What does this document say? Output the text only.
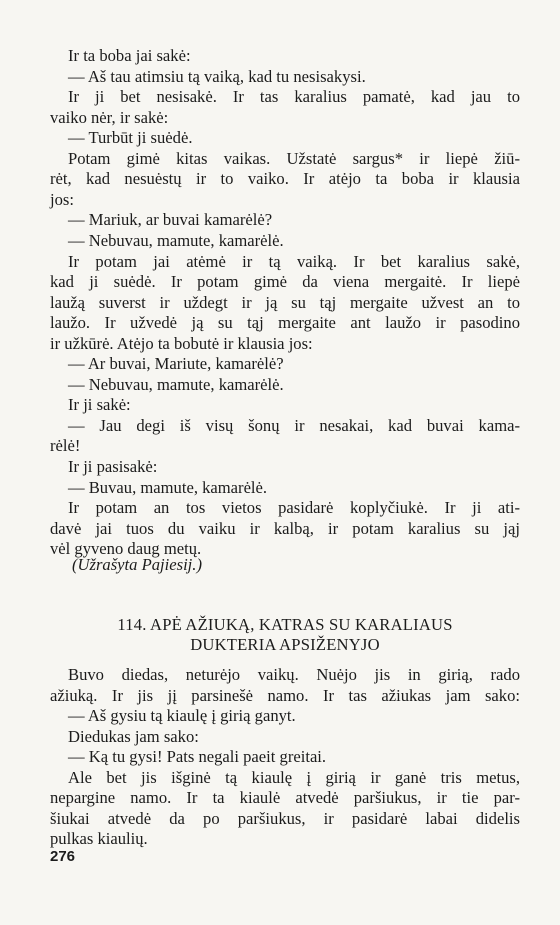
Ir ta boba jai sakė:
— Aš tau atimsiu tą vaiką, kad tu nesisakysi.
Ir ji bet nesisakė. Ir tas karalius pamatė, kad jau to
vaiko nėr, ir sakė:
— Turbūt ji suėdė.
Potam gimė kitas vaikas. Užstatė sargus* ir liepė žiū-
rėt, kad nesuėstų ir to vaiko. Ir atėjo ta boba ir klausia
jos:
— Mariuk, ar buvai kamarėlė?
— Nebuvau, mamute, kamarėlė.
Ir potam jai atėmė ir tą vaiką. Ir bet karalius sakė,
kad ji suėdė. Ir potam gimė da viena mergaitė. Ir liepė
laužą suverst ir uždegt ir ją su tąj mergaite užvest an to
laužo. Ir užvedė ją su tąj mergaite ant laužo ir pasodino
ir užkūrė. Atėjo ta bobutė ir klausia jos:
— Ar buvai, Mariute, kamarėlė?
— Nebuvau, mamute, kamarėlė.
Ir ji sakė:
— Jau degi iš visų šonų ir nesakai, kad buvai kama-
rėlė!
Ir ji pasisakė:
— Buvau, mamute, kamarėlė.
Ir potam an tos vietos pasidarė koplyčiukė. Ir ji ati-
davė jai tuos du vaiku ir kalbą, ir potam karalius su jąj
vėl gyveno daug metų.
(Užrašyta Pajiesij.)
114. APĖ AŽIUKĄ, KATRAS SU KARALIAUS
DUKTERIA APSIŽENYJO
Buvo diedas, neturėjo vaikų. Nuėjo jis in girią, rado
ažiuką. Ir jis jį parsinešė namo. Ir tas ažiukas jam sako:
— Aš gysiu tą kiaulę į girią ganyt.
Diedukas jam sako:
— Ką tu gysi! Pats negali paeit greitai.
Ale bet jis išginė tą kiaulę į girią ir ganė tris metus,
nepargine namo. Ir ta kiaulė atvedė paršiukus, ir tie par-
šiukai atvedė da po paršiukus, ir pasidarė labai didelis
pulkas kiaulių.
276
